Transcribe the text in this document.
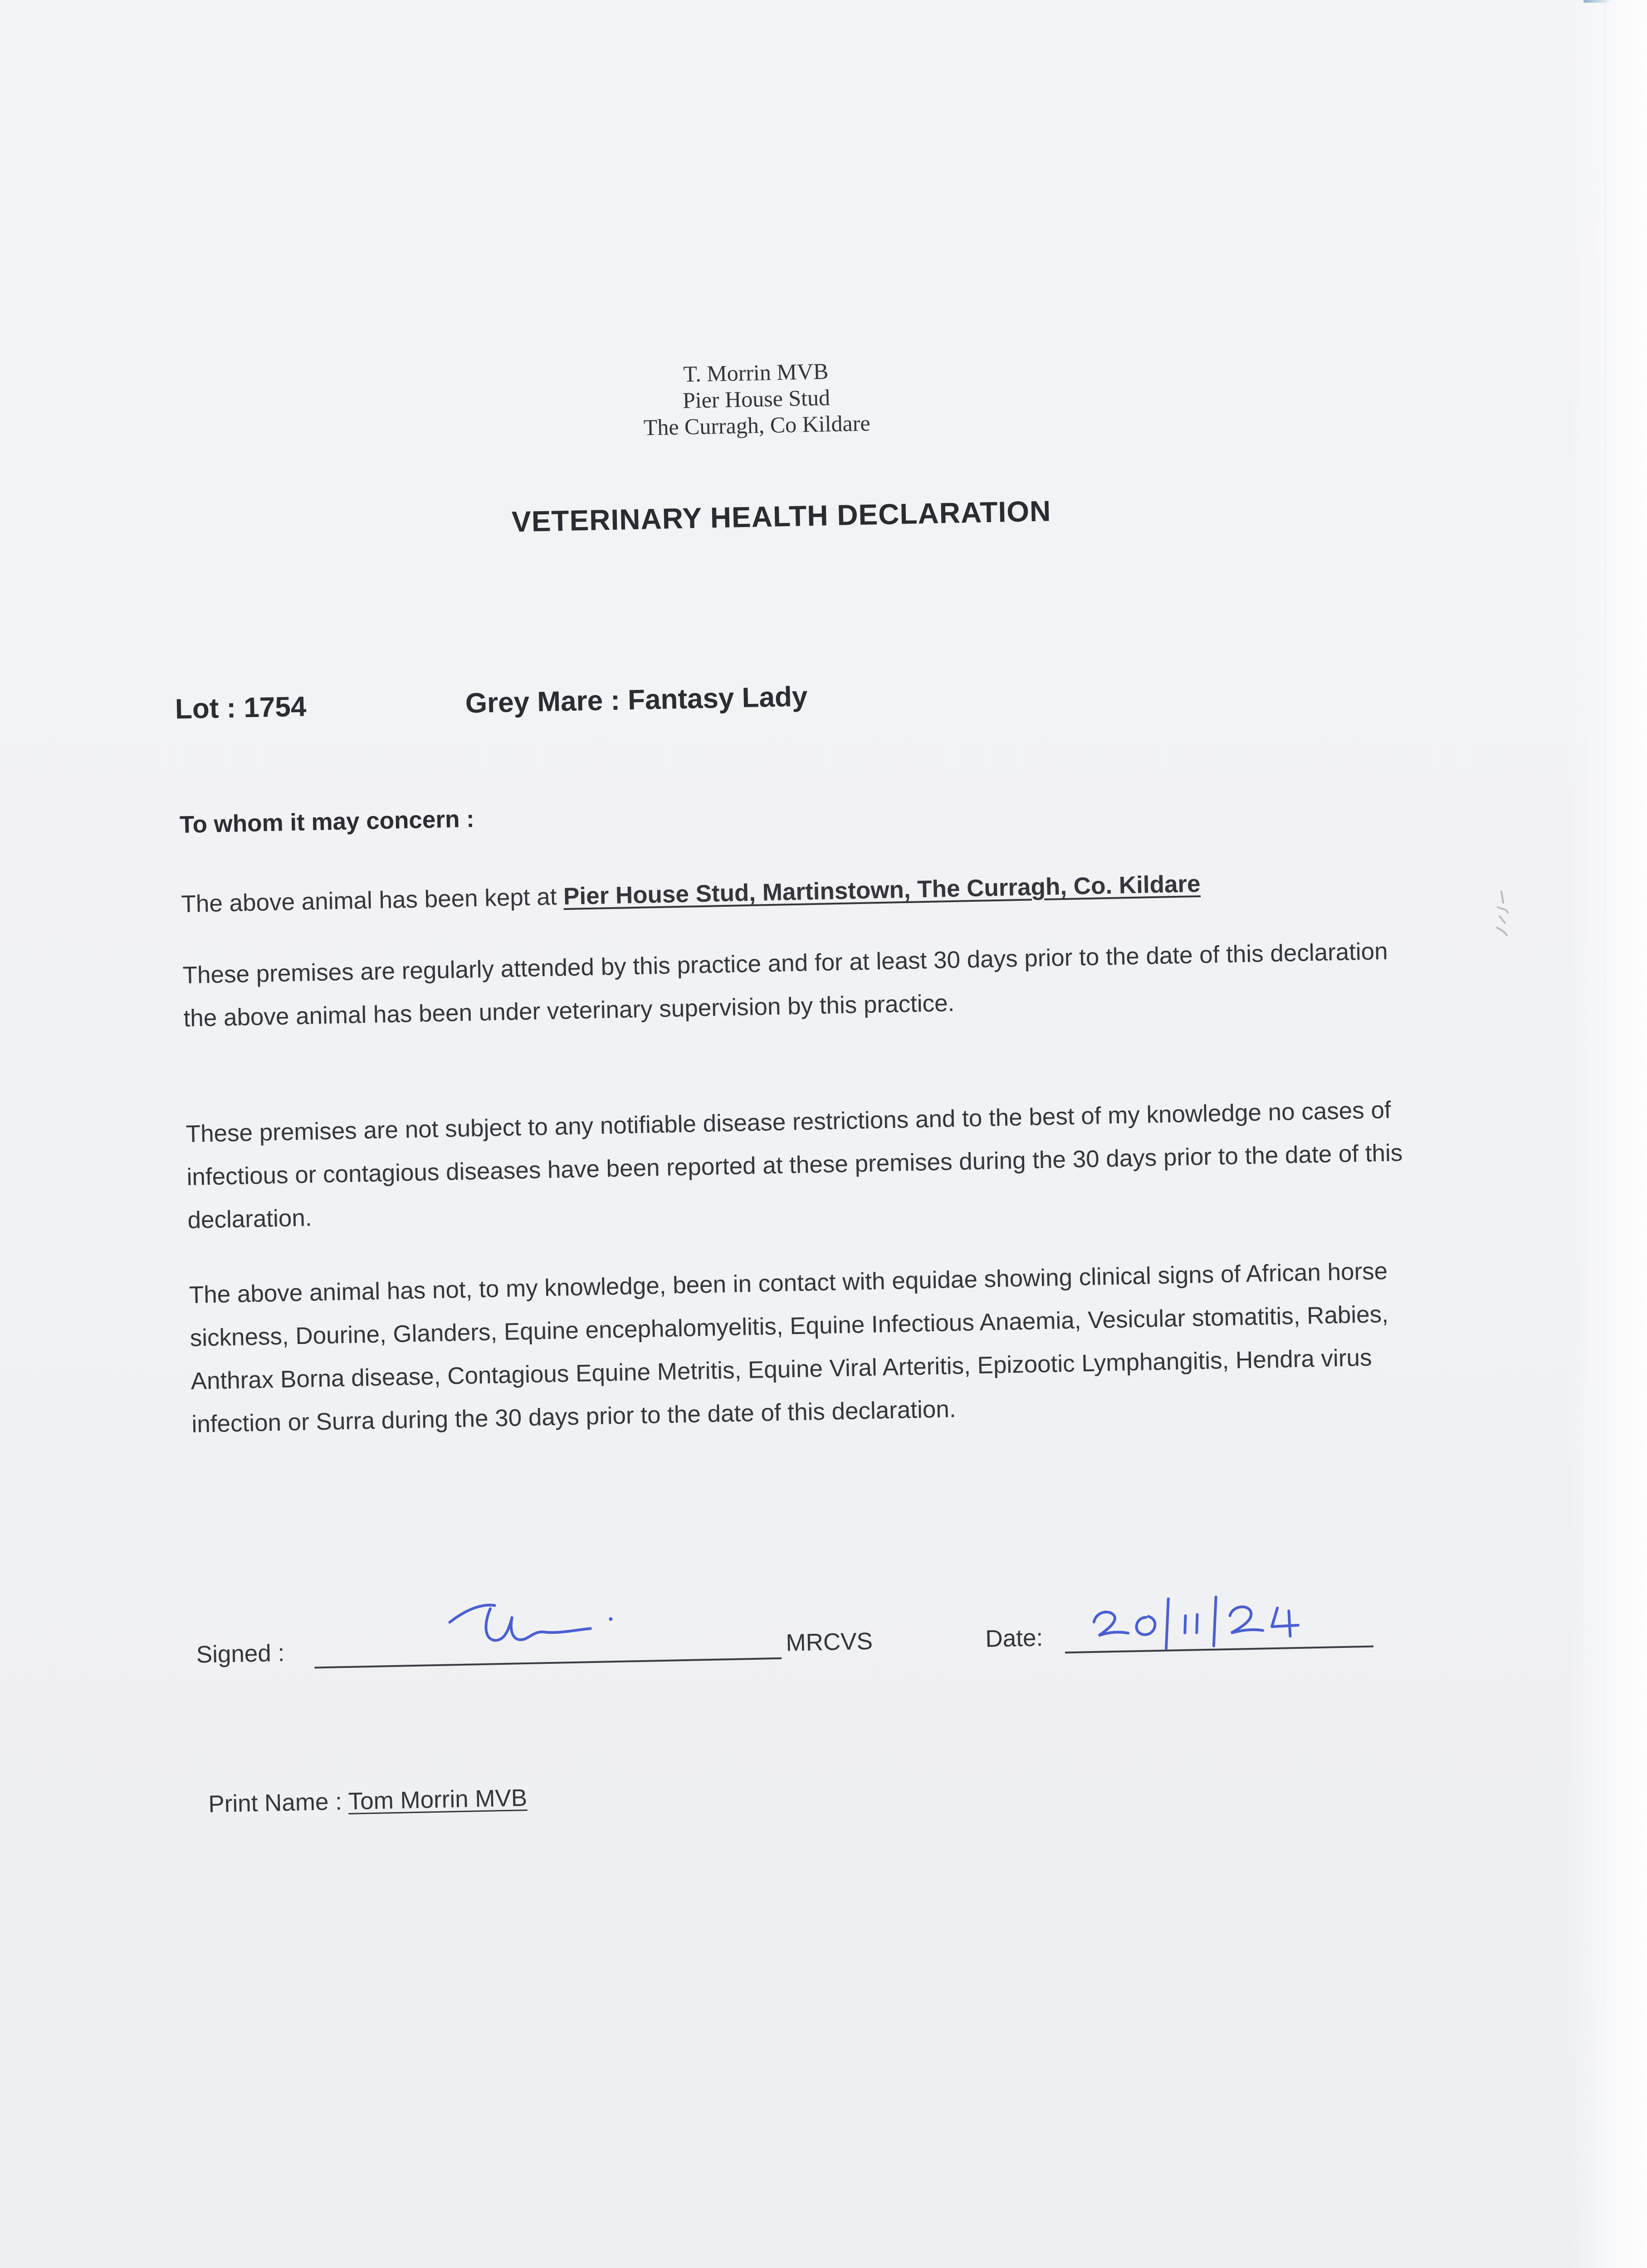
T. Morrin MVB
Pier House Stud
The Curragh, Co Kildare
VETERINARY HEALTH DECLARATION
Lot : 1754	Grey Mare : Fantasy Lady
To whom it may concern :
The above animal has been kept at Pier House Stud, Martinstown, The Curragh, Co. Kildare
These premises are regularly attended by this practice and for at least 30 days prior to the date of this declaration the above animal has been under veterinary supervision by this practice.
These premises are not subject to any notifiable disease restrictions and to the best of my knowledge no cases of infectious or contagious diseases have been reported at these premises during the 30 days prior to the date of this declaration.
The above animal has not, to my knowledge, been in contact with equidae showing clinical signs of African horse sickness, Dourine, Glanders, Equine encephalomyelitis, Equine Infectious Anaemia, Vesicular stomatitis, Rabies, Anthrax Borna disease, Contagious Equine Metritis, Equine Viral Arteritis, Epizootic Lymphangitis, Hendra virus infection or Surra during the 30 days prior to the date of this declaration.
Signed :	MRCVS	Date:
Print Name : Tom Morrin MVB
